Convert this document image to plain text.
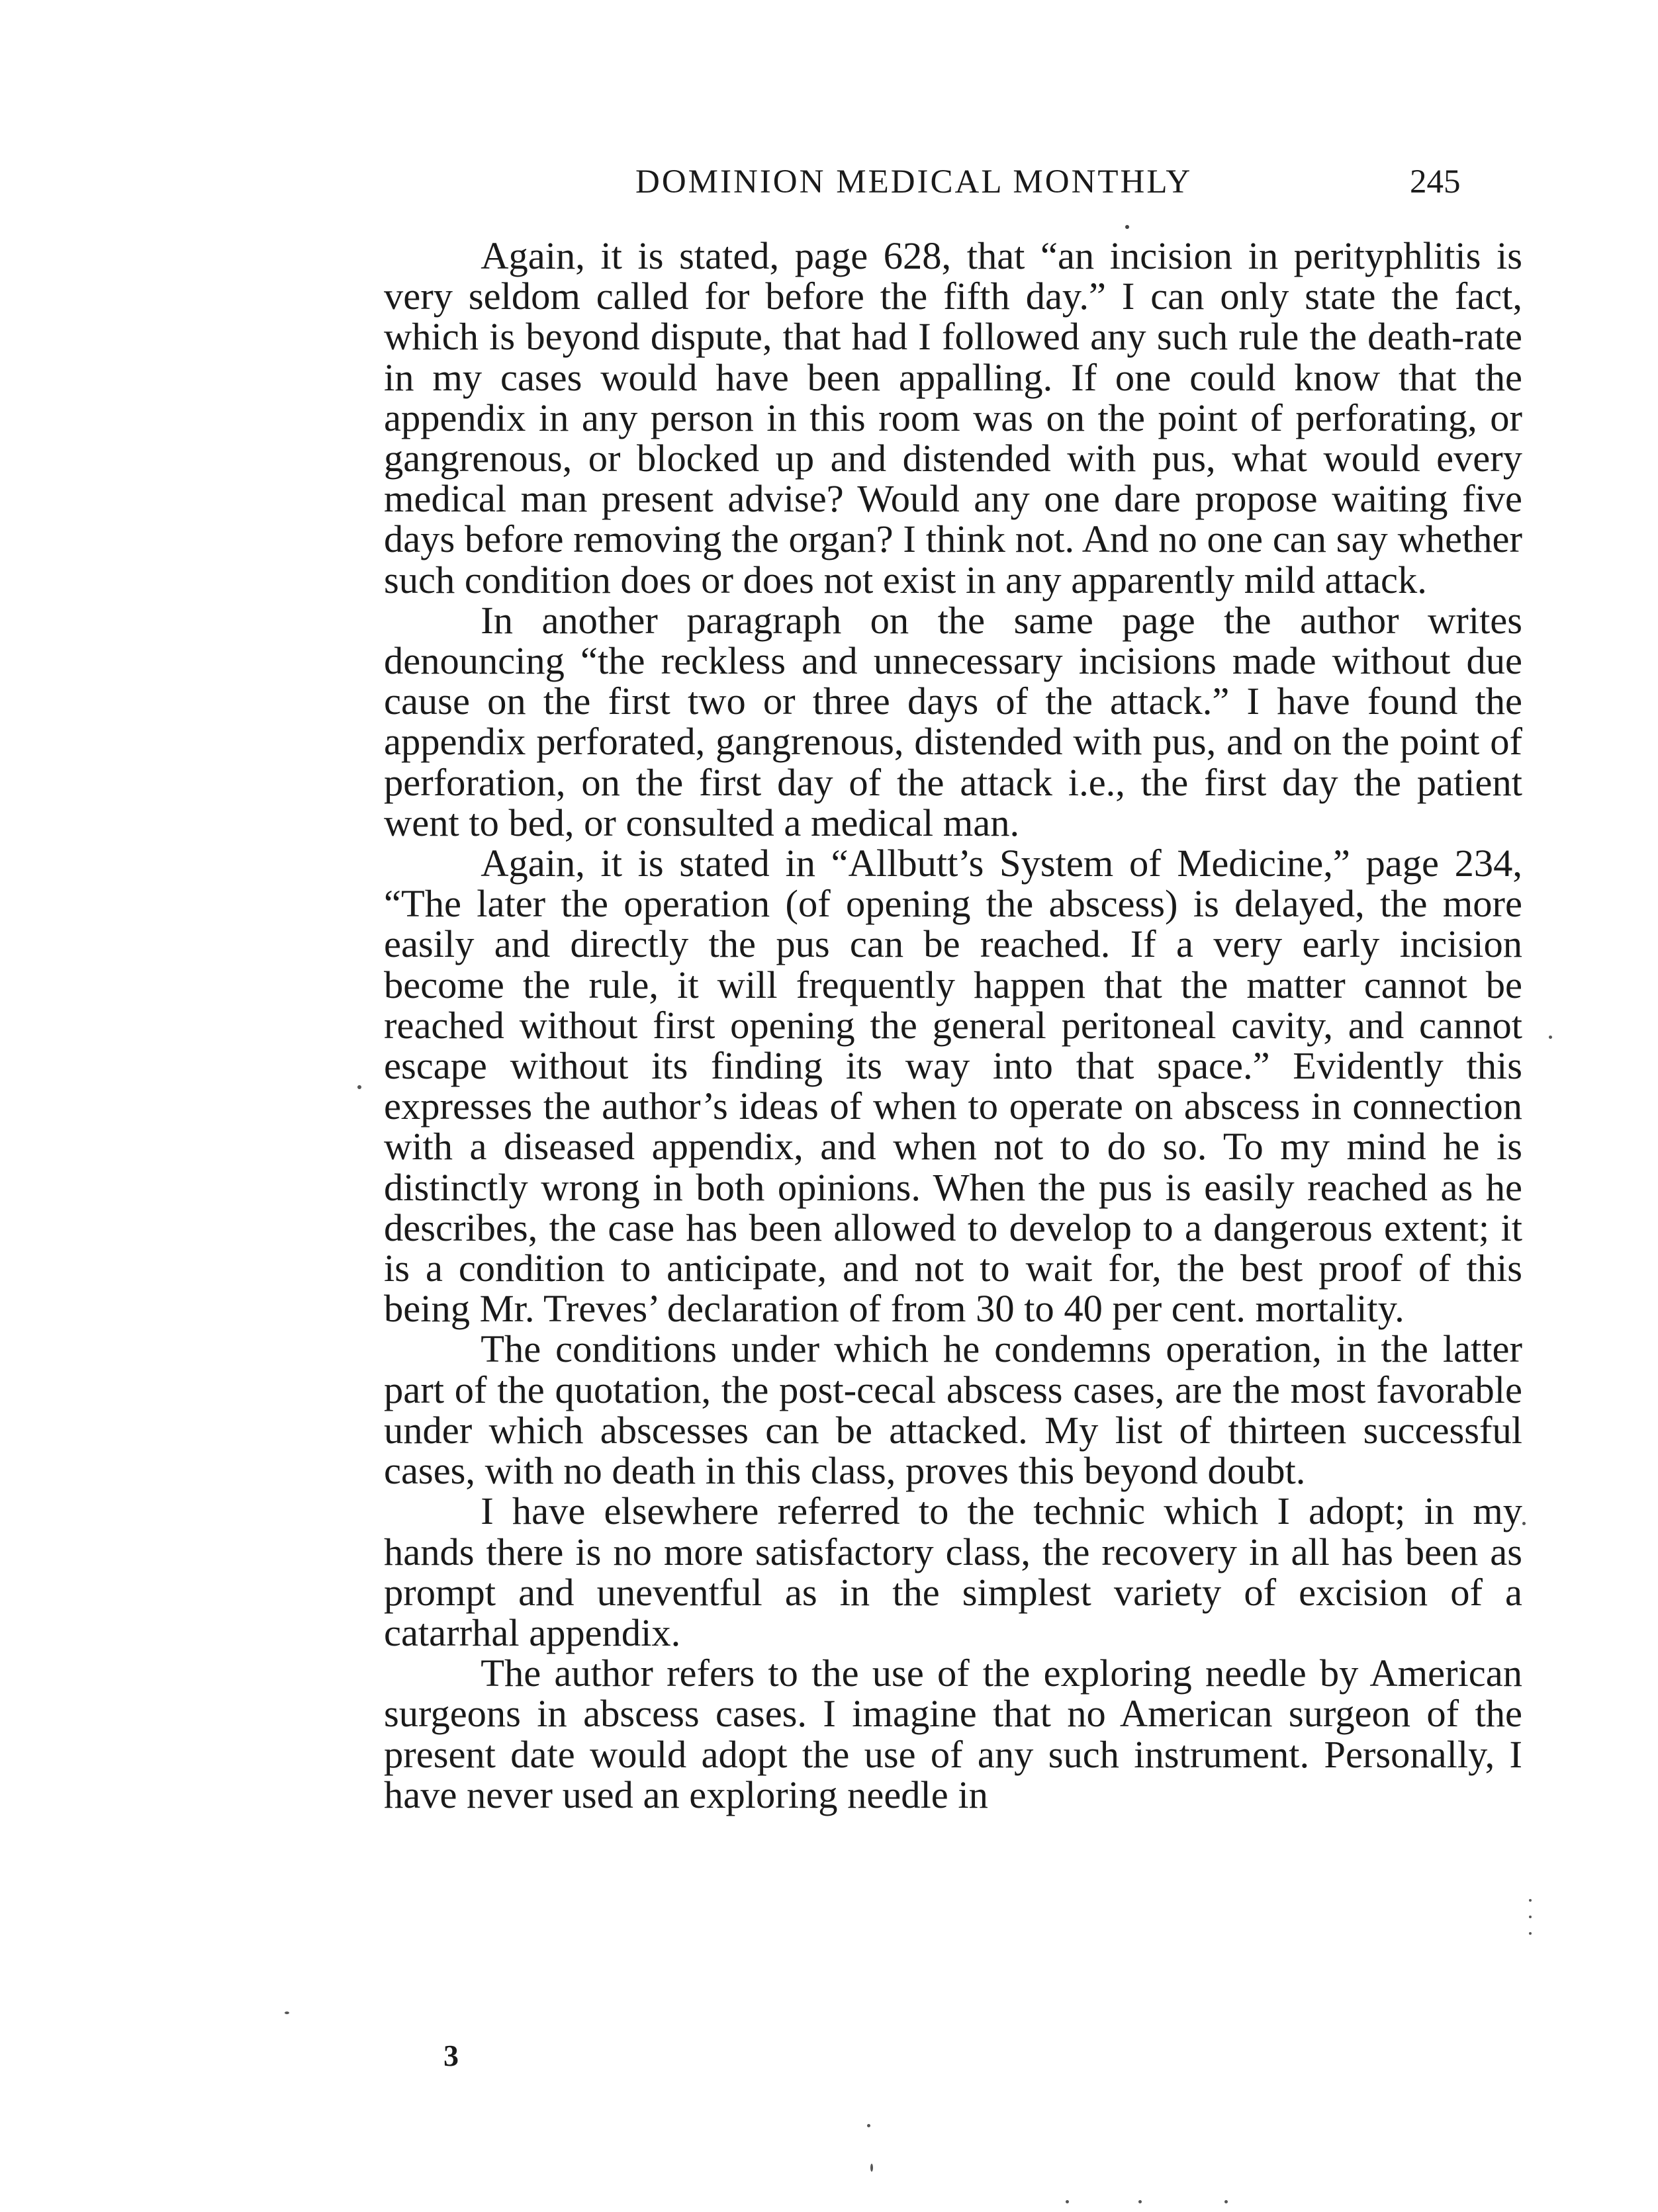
DOMINION MEDICAL MONTHLY	245

Again, it is stated, page 628, that “an incision in perityphlitis is very seldom called for before the fifth day.” I can only state the fact, which is beyond dispute, that had I followed any such rule the death-rate in my cases would have been appalling. If one could know that the appendix in any person in this room was on the point of perforating, or gangrenous, or blocked up and distended with pus, what would every medical man present advise? Would any one dare propose waiting five days before removing the organ? I think not. And no one can say whether such condition does or does not exist in any apparently mild attack.

In another paragraph on the same page the author writes denouncing “the reckless and unnecessary incisions made without due cause on the first two or three days of the attack.” I have found the appendix perforated, gangrenous, distended with pus, and on the point of perforation, on the first day of the attack i.e., the first day the patient went to bed, or consulted a medical man.

Again, it is stated in “Allbutt’s System of Medicine,” page 234, “The later the operation (of opening the abscess) is delayed, the more easily and directly the pus can be reached. If a very early incision become the rule, it will frequently happen that the matter cannot be reached without first opening the general peritoneal cavity, and cannot escape without its finding its way into that space.” Evidently this expresses the author’s ideas of when to operate on abscess in connection with a diseased appendix, and when not to do so. To my mind he is distinctly wrong in both opinions. When the pus is easily reached as he describes, the case has been allowed to develop to a dangerous extent; it is a condition to anticipate, and not to wait for, the best proof of this being Mr. Treves’ declaration of from 30 to 40 per cent. mortality.

The conditions under which he condemns operation, in the latter part of the quotation, the post-cecal abscess cases, are the most favorable under which abscesses can be attacked. My list of thirteen successful cases, with no death in this class, proves this beyond doubt.

I have elsewhere referred to the technic which I adopt; in my hands there is no more satisfactory class, the recovery in all has been as prompt and uneventful as in the simplest variety of excision of a catarrhal appendix.

The author refers to the use of the exploring needle by American surgeons in abscess cases. I imagine that no American surgeon of the present date would adopt the use of any such instrument. Personally, I have never used an exploring needle in

3
